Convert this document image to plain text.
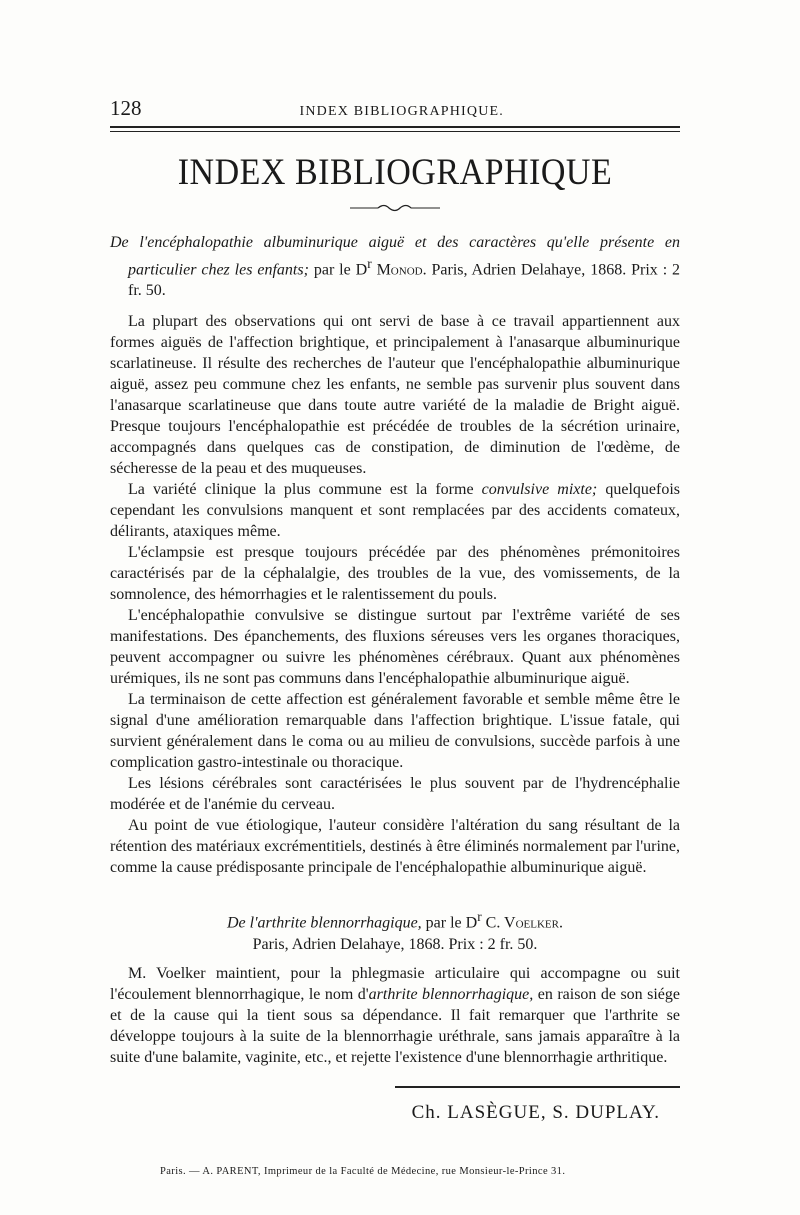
128	INDEX BIBLIOGRAPHIQUE.
INDEX BIBLIOGRAPHIQUE
De l'encéphalopathie albuminurique aiguë et des caractères qu'elle présente en particulier chez les enfants; par le $D^r$ Monod. Paris, Adrien Delahaye, 1868. Prix : 2 fr. 50.

La plupart des observations qui ont servi de base à ce travail appartiennent aux formes aiguës de l'affection brightique, et principalement à l'anasarque albuminurique scarlatineuse. Il résulte des recherches de l'auteur que l'encéphalopathie albuminurique aiguë, assez peu commune chez les enfants, ne semble pas survenir plus souvent dans l'anasarque scarlatineuse que dans toute autre variété de la maladie de Bright aiguë. Presque toujours l'encéphalopathie est précédée de troubles de la sécrétion urinaire, accompagnés dans quelques cas de constipation, de diminution de l'œdème, de sécheresse de la peau et des muqueuses.

La variété clinique la plus commune est la forme convulsive mixte; quelquefois cependant les convulsions manquent et sont remplacées par des accidents comateux, délirants, ataxiques même.

L'éclampsie est presque toujours précédée par des phénomènes prémonitoires caractérisés par de la céphalalgie, des troubles de la vue, des vomissements, de la somnolence, des hémorrhagies et le ralentissement du pouls.

L'encéphalopathie convulsive se distingue surtout par l'extrême variété de ses manifestations. Des épanchements, des fluxions séreuses vers les organes thoraciques, peuvent accompagner ou suivre les phénomènes cérébraux. Quant aux phénomènes urémiques, ils ne sont pas communs dans l'encéphalopathie albuminurique aiguë.

La terminaison de cette affection est généralement favorable et semble même être le signal d'une amélioration remarquable dans l'affection brightique. L'issue fatale, qui survient généralement dans le coma ou au milieu de convulsions, succède parfois à une complication gastro-intestinale ou thoracique.

Les lésions cérébrales sont caractérisées le plus souvent par de l'hydrencéphalie modérée et de l'anémie du cerveau.

Au point de vue étiologique, l'auteur considère l'altération du sang résultant de la rétention des matériaux excrémentitiels, destinés à être éliminés normalement par l'urine, comme la cause prédisposante principale de l'encéphalopathie albuminurique aiguë.

De l'arthrite blennorrhagique, par le $D^r$ C. Voelker.
Paris, Adrien Delahaye, 1868. Prix : 2 fr. 50.

M. Voelker maintient, pour la phlegmasie articulaire qui accompagne ou suit l'écoulement blennorrhagique, le nom d'arthrite blennorrhagique, en raison de son siége et de la cause qui la tient sous sa dépendance. Il fait remarquer que l'arthrite se développe toujours à la suite de la blennorrhagie uréthrale, sans jamais apparaître à la suite d'une balamite, vaginite, etc., et rejette l'existence d'une blennorrhagie arthritique.

Ch. LASÈGUE, S. DUPLAY.
Paris. — A. PARENT, Imprimeur de la Faculté de Médecine, rue Monsieur-le-Prince 31.
